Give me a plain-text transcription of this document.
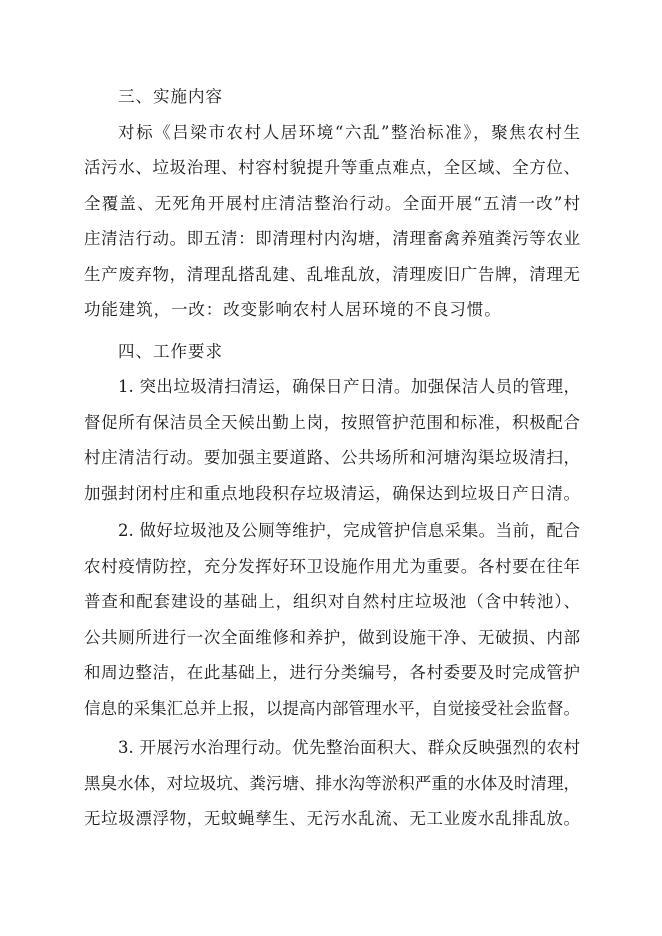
三、实施内容
对标《吕梁市农村人居环境“六乱”整治标准》，聚焦农村生
活污水、垃圾治理、村容村貌提升等重点难点，全区域、全方位、
全覆盖、无死角开展村庄清洁整治行动。全面开展“五清一改”村
庄清洁行动。即五清：即清理村内沟塘，清理畜禽养殖粪污等农业
生产废弃物，清理乱搭乱建、乱堆乱放，清理废旧广告牌，清理无
功能建筑，一改：改变影响农村人居环境的不良习惯。
四、工作要求
1. 突出垃圾清扫清运，确保日产日清。加强保洁人员的管理，
督促所有保洁员全天候出勤上岗，按照管护范围和标准，积极配合
村庄清洁行动。要加强主要道路、公共场所和河塘沟渠垃圾清扫，
加强封闭村庄和重点地段积存垃圾清运，确保达到垃圾日产日清。
2. 做好垃圾池及公厕等维护，完成管护信息采集。当前，配合
农村疫情防控，充分发挥好环卫设施作用尤为重要。各村要在往年
普查和配套建设的基础上，组织对自然村庄垃圾池（含中转池）、
公共厕所进行一次全面维修和养护，做到设施干净、无破损、内部
和周边整洁，在此基础上，进行分类编号，各村委要及时完成管护
信息的采集汇总并上报，以提高内部管理水平，自觉接受社会监督。
3. 开展污水治理行动。优先整治面积大、群众反映强烈的农村
黑臭水体，对垃圾坑、粪污塘、排水沟等淤积严重的水体及时清理，
无垃圾漂浮物，无蚊蝇孳生、无污水乱流、无工业废水乱排乱放。
